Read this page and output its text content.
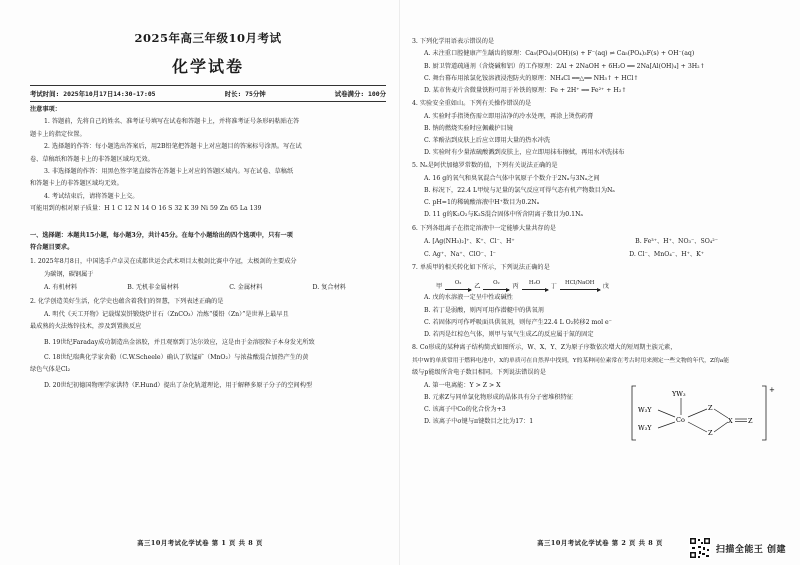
2025年高三年级10月考试
化学试卷
考试时间: 2025年10月17日14:30-17:05	时长: 75分钟	试卷满分: 100分
注意事项：
1. 答题前，先将自己的姓名、准考证号填写在试卷和答题卡上，并将准考证号条形码粘贴在答
题卡上的指定位置。
2. 选择题的作答：每小题选出答案后，用2B铅笔把答题卡上对应题目的答案标号涂黑。写在试
卷、草稿纸和答题卡上的非答题区域均无效。
3. 非选择题的作答：用黑色签字笔直接答在答题卡上对应的答题区域内。写在试卷、草稿纸
和答题卡上的非答题区域均无效。
4. 考试结束后，请将答题卡上交。
可能用到的相对原子质量：H 1 C 12 N 14 O 16 S 32 K 39 Ni 59 Zn 65 La 139
一、选择题：本题共15小题，每小题3分，共计45分。在每个小题给出的四个选项中，只有一项
符合题目要求。
1. 2025年8月8日，中国选手卢卓灵在成都世运会武术项目太极剑比赛中夺冠，太极剑的主要成分
为碳钢，碳钢属于
A. 有机材料	B. 无机非金属材料	C. 金属材料	D. 复合材料
2. 化学创造美好生活，化学史也蕴含着我们的智慧，下列表述正确的是
A. 明代《天工开物》记载煤炭饼锻烧炉甘石（ZnCO₃）冶炼“倭铅（Zn）”是世界上最早且
最成熟的火法炼锌技术，涉及到置换反应
B. 19世纪Faraday成功制造出金溶胶，并且观察到丁达尔效应，这是由于金溶胶粒子本身发光所致
C. 18世纪瑞典化学家舍勒（C.W.Scheele）确认了软锰矿（MnO₂）与浓盐酸混合加热产生的黄
绿色气体是Cl₂
D. 20世纪初德国物理学家洪特（F.Hund）提出了杂化轨道理论，用于解释多原子分子的空间构型
高三10月考试化学试卷 第 1 页 共 8 页
3. 下列化学用语表示错误的是
A. 未注重口腔健康产生龋齿的原理：Ca₅(PO₄)₃(OH)(s) + F⁻(aq) ⇌ Ca₅(PO₄)₃F(s) + OH⁻(aq)
B. 厨卫管道疏通剂（含烧碱和铝）的工作原理：2Al + 2NaOH + 6H₂O ══ 2Na[Al(OH)₄] + 3H₂↑
C. 舞台幕布用浓氯化铵溶液浸泡防火的原理：NH₄Cl ══△══ NH₃↑ + HCl↑
D. 某市售麦片含微量铁粉可用于补铁的原理：Fe + 2H⁺ ══ Fe²⁺ + H₂↑
4. 实验安全重如山。下列有关操作错误的是
A. 实验时手指烫伤需立即用洁净的冷水处理，再涂上烫伤药膏
B. 钠的燃烧实验时应佩戴护目镜
C. 苯酚沾到皮肤上后应立即用大量的热水冲洗
D. 实验时有少量浓硫酸溅到皮肤上，应立即用抹布擦拭，再用水冲洗抹布
5. Nₐ是阿伏加德罗常数的值，下列有关说法正确的是
A. 16 g的氧气和臭氧混合气体中氧原子个数介于2Nₐ与3Nₐ之间
B. 标况下，22.4 L甲烷与足量的氯气反应可得气态有机产物数目为Nₐ
C. pH=1的稀硫酸溶液中H⁺数目为0.2Nₐ
D. 11 g的K₂O₂与K₂S混合固体中所含阴离子数目为0.1Nₐ
6. 下列各组离子在指定溶液中一定能够大量共存的是
A. [Ag(NH₃)₂]⁺、K⁺、Cl⁻、H⁺	B. Fe³⁺、H⁺、NO₃⁻、SO₄²⁻
C. Ag⁺、Na⁺、ClO⁻、I⁻	D. Cl⁻、MnO₄⁻、H⁺、K⁺
7. 单质甲的相关转化如下所示，下列说法正确的是
甲 O₂ 乙 O₂ 丙 H₂O 丁 HCl/NaOH 戊
A. 戊的水溶液一定呈中性或碱性
B. 若丁是弱酸，则丙可用作潜艇中的供氧剂
C. 若固体丙可作呼吸面具供氧剂，则每产生22.4 L O₂转移2 mol e⁻
D. 若丙是红棕色气体，则甲与氧气生成乙的反应属于氮的固定
8. Co形成的某种离子结构简式如图所示，W、X、Y、Z为原子序数依次增大的短周期主族元素，
其中W的单质常用于燃料电池中，X的单质可在自然界中找到，Y的某种同位素常在考古时用来测定一些文物的年代，Z的a能
级与p能级所含电子数目相同。下列说法错误的是
A. 第一电离能：Y > Z > X
B. 元素Z与同单氯化物形成的晶体具有分子密堆积特征
C. 该离子中Co的化合价为+3
D. 该离子中σ键与π键数目之比为17：1
+
YW₃
W₃Y
W₃Y
Co
Z
Z
X Z
高三10月考试化学试卷 第 2 页 共 8 页
扫描全能王 创建
